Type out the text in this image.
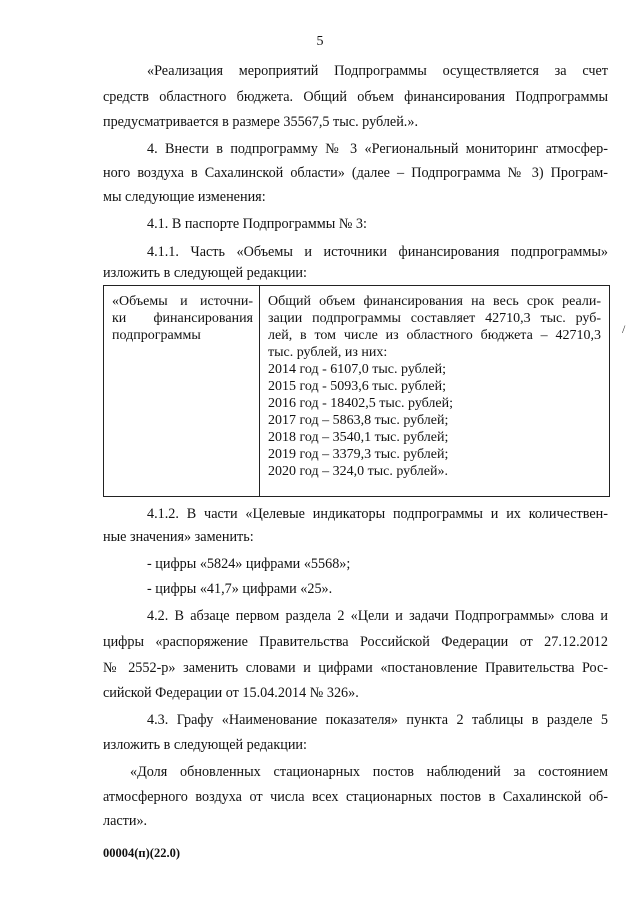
5
«Реализация мероприятий Подпрограммы осуществляется за счет
средств областного бюджета. Общий объем финансирования Подпрограммы
предусматривается в размере 35567,5 тыс. рублей.».
4. Внести в подпрограмму № 3 «Региональный мониторинг атмосфер-
ного воздуха в Сахалинской области» (далее – Подпрограмма № 3) Програм-
мы следующие изменения:
4.1. В паспорте Подпрограммы № 3:
4.1.1. Часть «Объемы и источники финансирования подпрограммы»
изложить в следующей редакции:
«Объемы и источни-
ки финансирования
подпрограммы
Общий объем финансирования на весь срок реали-
зации подпрограммы составляет 42710,3 тыс. руб-
лей, в том числе из областного бюджета – 42710,3
тыс. рублей, из них:
2014 год - 6107,0 тыс. рублей;
2015 год - 5093,6 тыс. рублей;
2016 год - 18402,5 тыс. рублей;
2017 год – 5863,8 тыс. рублей;
2018 год – 3540,1 тыс. рублей;
2019 год – 3379,3 тыс. рублей;
2020 год – 324,0 тыс. рублей».
4.1.2. В части «Целевые индикаторы подпрограммы и их количествен-
ные значения» заменить:
- цифры «5824» цифрами «5568»;
- цифры «41,7» цифрами «25».
4.2. В абзаце первом раздела 2 «Цели и задачи Подпрограммы» слова и
цифры «распоряжение Правительства Российской Федерации от 27.12.2012
№ 2552-р» заменить словами и цифрами «постановление Правительства Рос-
сийской Федерации от 15.04.2014 № 326».
4.3. Графу «Наименование показателя» пункта 2 таблицы в разделе 5
изложить в следующей редакции:
«Доля обновленных стационарных постов наблюдений за состоянием
атмосферного воздуха от числа всех стационарных постов в Сахалинской об-
ласти».
00004(п)(22.0)
/
